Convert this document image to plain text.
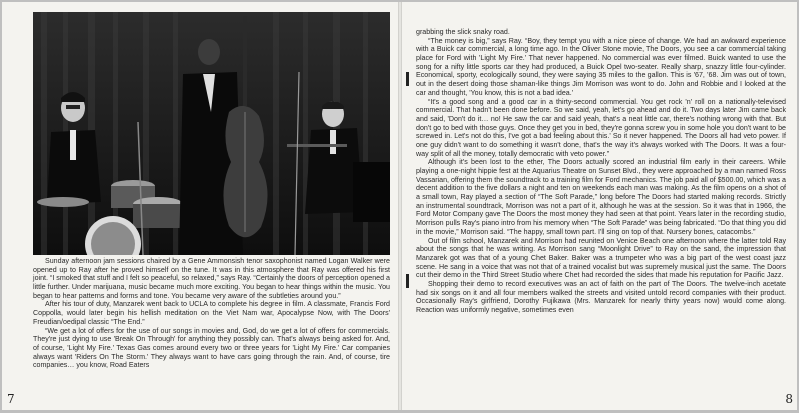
Sunday afternoon jam sessions chaired by a Gene Ammonsish tenor saxophonist named Logan Walker were opened up to Ray after he proved himself on the tune. It was in this atmosphere that Ray was offered his first joint. “I smoked that stuff and I felt so peaceful, so relaxed,” says Ray. “Certainly the doors of perception opened a little further. Under marijuana, music became much more exciting. You began to hear things within the music. You began to hear patterns and forms and tone. You became very aware of the subtleties around you.”

After his tour of duty, Manzarek went back to UCLA to complete his degree in film. A classmate, Francis Ford Coppolla, would later begin his hellish meditation on the Viet Nam war, Apocalypse Now, with The Doors' Freudian/oedipal classic “The End.”

“We get a lot of offers for the use of our songs in movies and, God, do we get a lot of offers for commercials. They're just dying to use 'Break On Through' for anything they possibly can. That's always being asked for. And, of course, 'Light My Fire.' Texas Gas comes around every two or three years for 'Light My Fire.' Car companies always want 'Riders On The Storm.' They always want to have cars going through the rain. And, of course, tire companies… you know, Road Eaters

7

grabbing the slick snaky road.

“The money is big,” says Ray. “Boy, they tempt you with a nice piece of change. We had an awkward experience with a Buick car commercial, a long time ago. In the Oliver Stone movie, The Doors, you see a car commercial taking place for Ford with 'Light My Fire.' That never happened. No commercial was ever filmed. Buick wanted to use the song for a nifty little sports car they had produced, a Buick Opel two-seater. Really sharp, snazzy little four-cylinder. Economical, sporty, ecologically sound, they were saying 35 miles to the gallon. This is '67, '68. Jim was out of town, out in the desert doing those shaman-like things Jim Morrison was wont to do. John and Robbie and I looked at the car and thought, 'You know, this is not a bad idea.'

“It's a good song and a good car in a thirty-second commercial. You get rock 'n' roll on a nationally-televised commercial. That hadn't been done before. So we said, yeah, let's go ahead and do it. Two days later Jim came back and said, 'Don't do it… no! He saw the car and said yeah, that's a neat little car, there's nothing wrong with that. But don't go to bed with those guys. Once they get you in bed, they're gonna screw you in some hole you don't want to be screwed in. Let's not do this, I've got a bad feeling about this.' So it never happened. The Doors all had veto power. If one guy didn't want to do something it wasn't done, that's the way it's always worked with The Doors. It was a four-way split of all the money, totally democratic with veto power.”

Although it's been lost to the ether, The Doors actually scored an industrial film early in their careers. While playing a one-night hippie fest at the Aquarius Theatre on Sunset Blvd., they were approached by a man named Ross Vassarian, offering them the soundtrack to a training film for Ford mechanics. The job paid all of $500.00, which was a decent addition to the five dollars a night and ten on weekends each man was making. As the film opens on a shot of a small town, Ray played a section of “The Soft Parade,” long before The Doors had started making records. Strictly an instrumental soundtrack, Morrison was not a part of it, although he was at the session. So it was that in 1966, the Ford Motor Company gave The Doors the most money they had seen at that point. Years later in the recording studio, Morrison pulls Ray's piano intro from his memory when “The Soft Parade” was being fabricated. “Do that thing you did in the movie,” Morrison said. “The happy, small town part. I'll sing on top of that. Nursery bones, catacombs.”

Out of film school, Manzarek and Morrison had reunited on Venice Beach one afternoon where the latter told Ray about the songs that he was writing. As Morrison sang “Moonlight Drive” to Ray on the sand, the impression that Manzarek got was that of a young Chet Baker. Baker was a trumpeter who was a big part of the west coast jazz scene. He sang in a voice that was not that of a trained vocalist but was supremely musical just the same. The Doors cut their demo in the Third Street Studio where Chet had recorded the sides that made his reputation for Pacific Jazz.

Shopping their demo to record executives was an act of faith on the part of The Doors. The twelve-inch acetate had six songs on it and all four members walked the streets and visited untold record companies with their product. Occasionally Ray's girlfriend, Dorothy Fujikawa (Mrs. Manzarek for nearly thirty years now) would come along. Reaction was uniformly negative, sometimes even

8
